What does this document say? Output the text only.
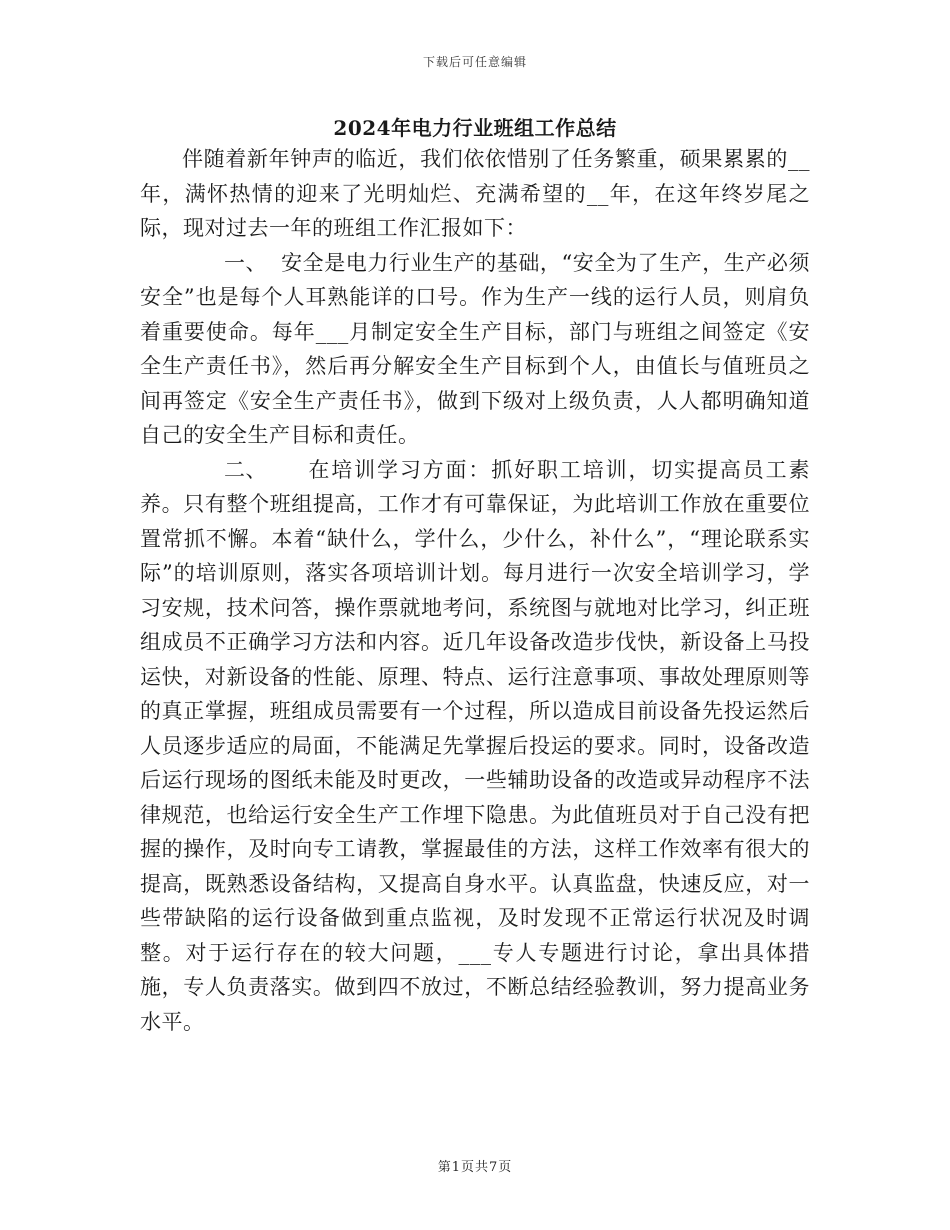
下载后可任意编辑
2024年电力行业班组工作总结

伴随着新年钟声的临近，我们依依惜别了任务繁重，硕果累累的__年，满怀热情的迎来了光明灿烂、充满希望的__年，在这年终岁尾之际，现对过去一年的班组工作汇报如下：

一、 安全是电力行业生产的基础，“安全为了生产，生产必须安全”也是每个人耳熟能详的口号。作为生产一线的运行人员，则肩负着重要使命。每年___月制定安全生产目标，部门与班组之间签定《安全生产责任书》，然后再分解安全生产目标到个人，由值长与值班员之间再签定《安全生产责任书》，做到下级对上级负责，人人都明确知道自己的安全生产目标和责任。

二、 在培训学习方面：抓好职工培训，切实提高员工素养。只有整个班组提高，工作才有可靠保证，为此培训工作放在重要位置常抓不懈。本着“缺什么，学什么，少什么，补什么”，“理论联系实际”的培训原则，落实各项培训计划。每月进行一次安全培训学习，学习安规，技术问答，操作票就地考问，系统图与就地对比学习，纠正班组成员不正确学习方法和内容。近几年设备改造步伐快，新设备上马投运快，对新设备的性能、原理、特点、运行注意事项、事故处理原则等的真正掌握，班组成员需要有一个过程，所以造成目前设备先投运然后人员逐步适应的局面，不能满足先掌握后投运的要求。同时，设备改造后运行现场的图纸未能及时更改，一些辅助设备的改造或异动程序不法律规范，也给运行安全生产工作埋下隐患。为此值班员对于自己没有把握的操作，及时向专工请教，掌握最佳的方法，这样工作效率有很大的提高，既熟悉设备结构，又提高自身水平。认真监盘，快速反应，对一些带缺陷的运行设备做到重点监视，及时发现不正常运行状况及时调整。对于运行存在的较大问题，___专人专题进行讨论，拿出具体措施，专人负责落实。做到四不放过，不断总结经验教训，努力提高业务水平。

第1页共7页
